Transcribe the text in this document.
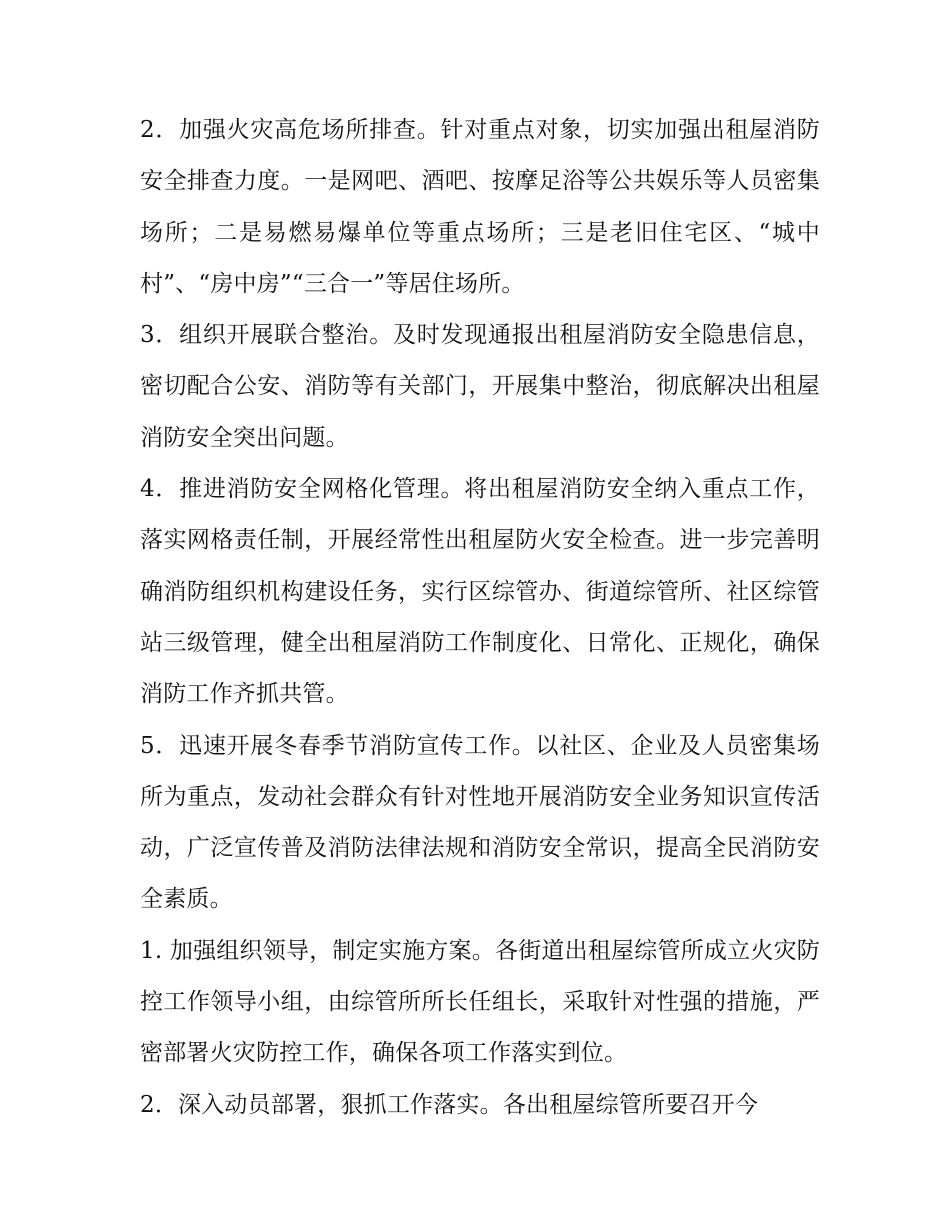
2．加强火灾高危场所排查。针对重点对象，切实加强出租屋消防安全排查力度。一是网吧、酒吧、按摩足浴等公共娱乐等人员密集场所；二是易燃易爆单位等重点场所；三是老旧住宅区、“城中村”、“房中房”“三合一”等居住场所。

3．组织开展联合整治。及时发现通报出租屋消防安全隐患信息，密切配合公安、消防等有关部门，开展集中整治，彻底解决出租屋消防安全突出问题。

4．推进消防安全网格化管理。将出租屋消防安全纳入重点工作，落实网格责任制，开展经常性出租屋防火安全检查。进一步完善明确消防组织机构建设任务，实行区综管办、街道综管所、社区综管站三级管理，健全出租屋消防工作制度化、日常化、正规化，确保消防工作齐抓共管。

5．迅速开展冬春季节消防宣传工作。以社区、企业及人员密集场所为重点，发动社会群众有针对性地开展消防安全业务知识宣传活动，广泛宣传普及消防法律法规和消防安全常识，提高全民消防安全素质。

1. 加强组织领导，制定实施方案。各街道出租屋综管所成立火灾防控工作领导小组，由综管所所长任组长，采取针对性强的措施，严密部署火灾防控工作，确保各项工作落实到位。

2．深入动员部署，狠抓工作落实。各出租屋综管所要召开今
